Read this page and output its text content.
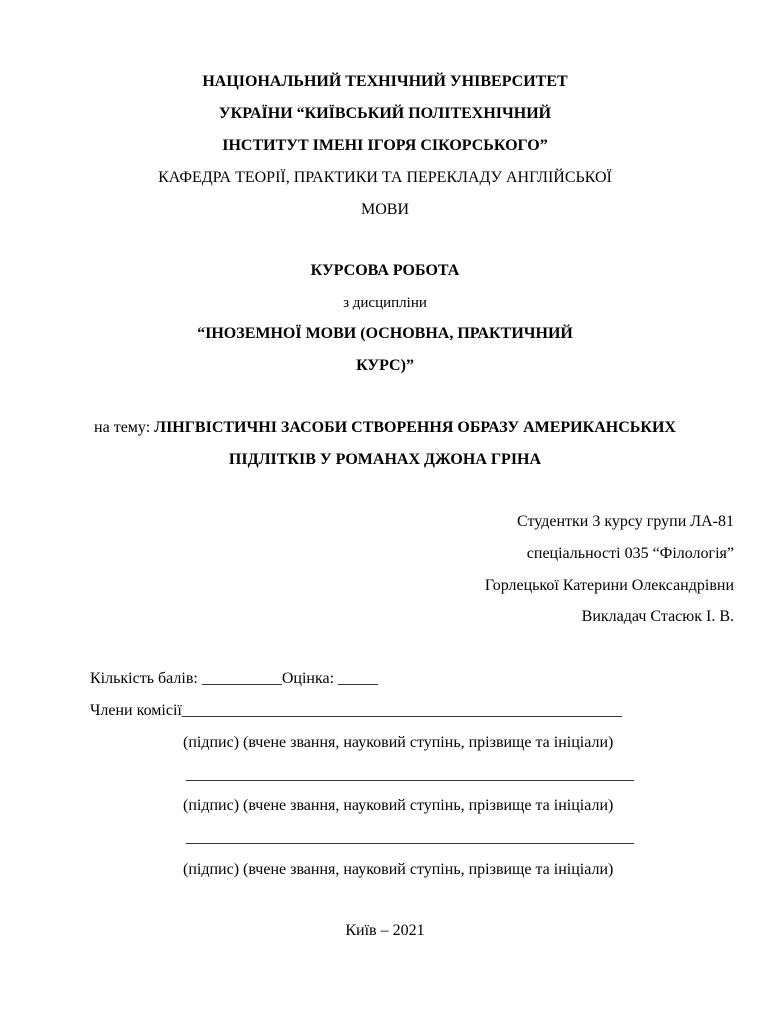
НАЦІОНАЛЬНИЙ ТЕХНІЧНИЙ УНІВЕРСИТЕТ
УКРАЇНИ “КИЇВСЬКИЙ ПОЛІТЕХНІЧНИЙ
ІНСТИТУТ ІМЕНІ ІГОРЯ СІКОРСЬКОГО”
КАФЕДРА ТЕОРІЇ, ПРАКТИКИ ТА ПЕРЕКЛАДУ АНГЛІЙСЬКОЇ
МОВИ
КУРСОВА РОБОТА
з дисципліни
“ІНОЗЕМНОЇ МОВИ (ОСНОВНА, ПРАКТИЧНИЙ
КУРС)”
на тему: ЛІНГВІСТИЧНІ ЗАСОБИ СТВОРЕННЯ ОБРАЗУ АМЕРИКАНСЬКИХ
ПІДЛІТКІВ У РОМАНАХ ДЖОНА ГРІНА
Студентки 3 курсу групи ЛА-81
спеціальності 035 “Філологія”
Горлецької Катерини Олександрівни
Викладач Стасюк І. В.
Кількість балів: __________Оцінка: _____
Члени комісії_______________________________________________________
(підпис) (вчене звання, науковий ступінь, прізвище та ініціали)
________________________________________________________
(підпис) (вчене звання, науковий ступінь, прізвище та ініціали)
________________________________________________________
(підпис) (вчене звання, науковий ступінь, прізвище та ініціали)
Київ – 2021
